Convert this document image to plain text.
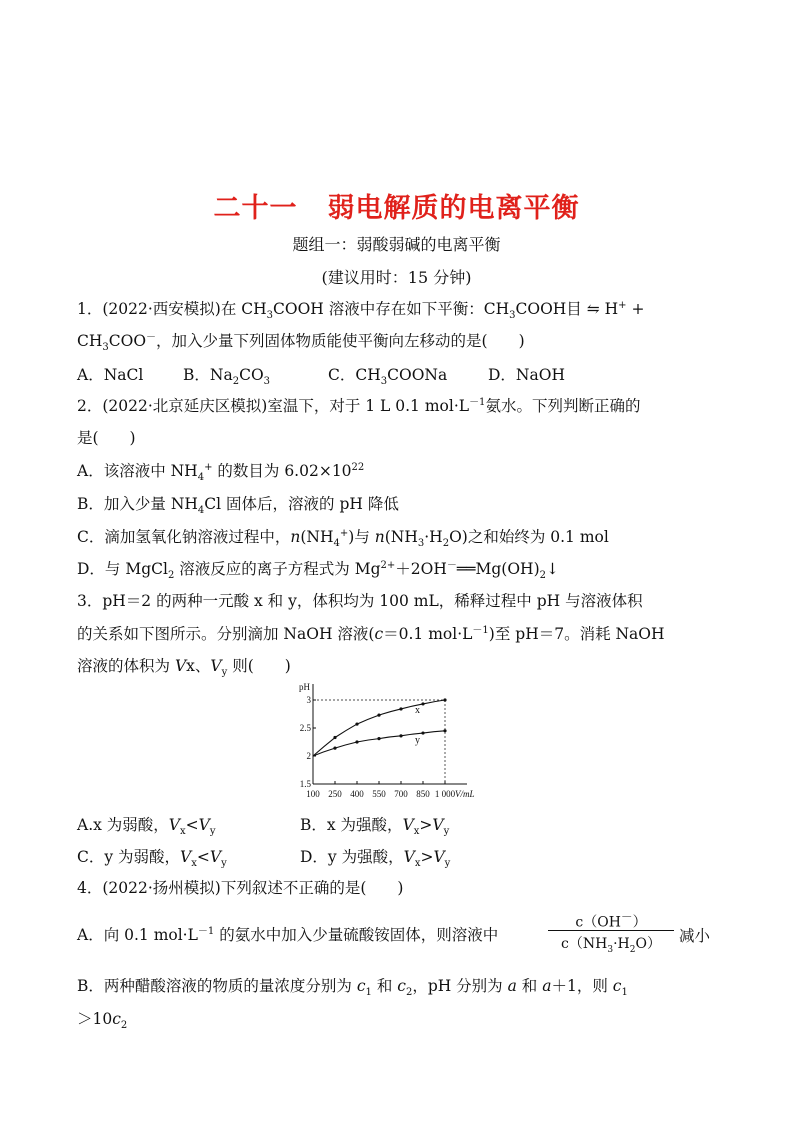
二十一 弱电解质的电离平衡
题组一：弱酸弱碱的电离平衡
(建议用时：15 分钟)
1．(2022·西安模拟)在 $CH_3COOH$ 溶液中存在如下平衡：$CH_3COOH$目 ⇋ H+ +
$CH_3COO^-$，加入少量下列固体物质能使平衡向左移动的是(　　)
A．NaCl	B．$Na_2CO_3$	C．$CH_3COONa$	D．NaOH
2．(2022·北京延庆区模拟)室温下，对于 1 L 0.1 $mol\cdot L^{-1}$氨水。下列判断正确的
是(　　)
A．该溶液中 $NH_4^+$ 的数目为 $6.02\times 10^{22}$
B．加入少量 $NH_4Cl$ 固体后，溶液的 pH 降低
C．滴加氢氧化钠溶液过程中，$n(NH_4^+)$与 $n(NH_3\cdot H_2O)$之和始终为 0.1 mol
D．与 MgCl$_2$ 溶液反应的离子方程式为 $Mg^{2+}+2OH^-══Mg(OH)_2↓$
3．pH＝2 的两种一元酸 x 和 y，体积均为 100 mL，稀释过程中 pH 与溶液体积
的关系如下图所示。分别滴加 NaOH 溶液(c＝0.1 $mol\cdot L^{-1}$)至 pH＝7。消耗 NaOH
溶液的体积为 Vx、$V_y$ 则(　　)
1.5
2
2.5
3
100 250 400 550 700 850 1 000
pH
V/mL
x
y
A.x 为弱酸，$V_x<V_y$	B．x 为强酸，$V_x>V_y$
C．y 为弱酸，$V_x<V_y$	D．y 为强酸，$V_x>V_y$
4．(2022·扬州模拟)下列叙述不正确的是(　　)
A．向 0.1 $mol\cdot L^{-1}$ 的氨水中加入少量硫酸铵固体，则溶液中
c（OH－）
$c(NH_3\cdot H_2O)$	减小
B．两种醋酸溶液的物质的量浓度分别为 $c_1$ 和 $c_2$，pH 分别为 a 和 a＋1，则 $c_1$
$>10c_2$
